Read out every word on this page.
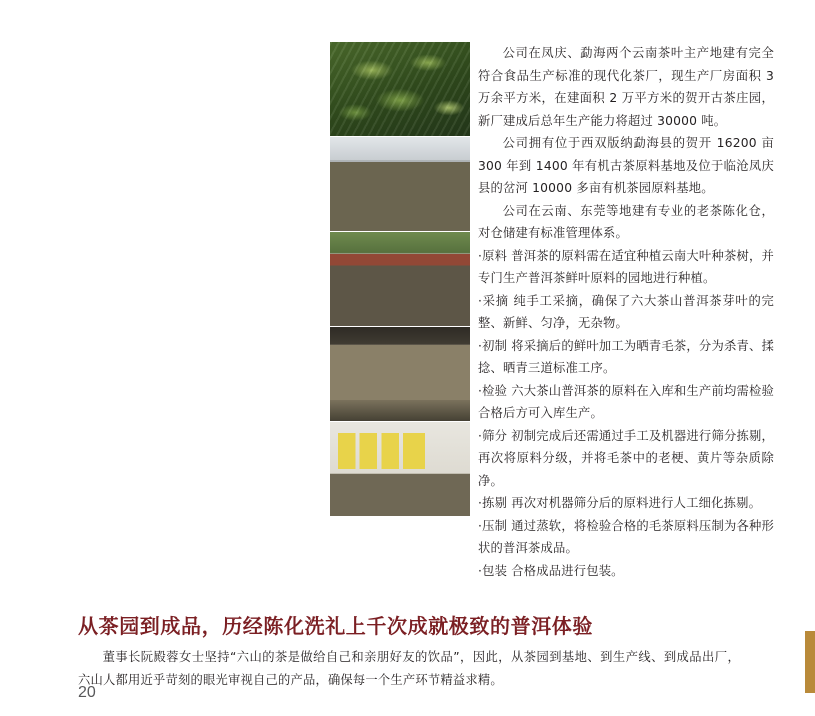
公司在凤庆、勐海两个云南茶叶主产地建有完全符合食品生产标准的现代化茶厂，现生产厂房面积 3 万余平方米，在建面积 2 万平方米的贺开古茶庄园，新厂建成后总年生产能力将超过 30000 吨。

公司拥有位于西双版纳勐海县的贺开 16200 亩 300 年到 1400 年有机古茶原料基地及位于临沧凤庆县的岔河 10000 多亩有机茶园原料基地。

公司在云南、东莞等地建有专业的老茶陈化仓，对仓储建有标准管理体系。

·原料 普洱茶的原料需在适宜种植云南大叶种茶树，并专门生产普洱茶鲜叶原料的园地进行种植。

·采摘 纯手工采摘，确保了六大茶山普洱茶芽叶的完整、新鲜、匀净，无杂物。

·初制 将采摘后的鲜叶加工为晒青毛茶，分为杀青、揉捻、晒青三道标准工序。

·检验 六大茶山普洱茶的原料在入库和生产前均需检验合格后方可入库生产。

·筛分 初制完成后还需通过手工及机器进行筛分拣剔，再次将原料分级，并将毛茶中的老梗、黄片等杂质除净。

·拣剔 再次对机器筛分后的原料进行人工细化拣剔。

·压制 通过蒸软，将检验合格的毛茶原料压制为各种形状的普洱茶成品。

·包装 合格成品进行包装。

从茶园到成品，历经陈化洗礼上千次成就极致的普洱体验

董事长阮殿蓉女士坚持“六山的茶是做给自己和亲朋好友的饮品”，因此，从茶园到基地、到生产线、到成品出厂，六山人都用近乎苛刻的眼光审视自己的产品，确保每一个生产环节精益求精。

20
